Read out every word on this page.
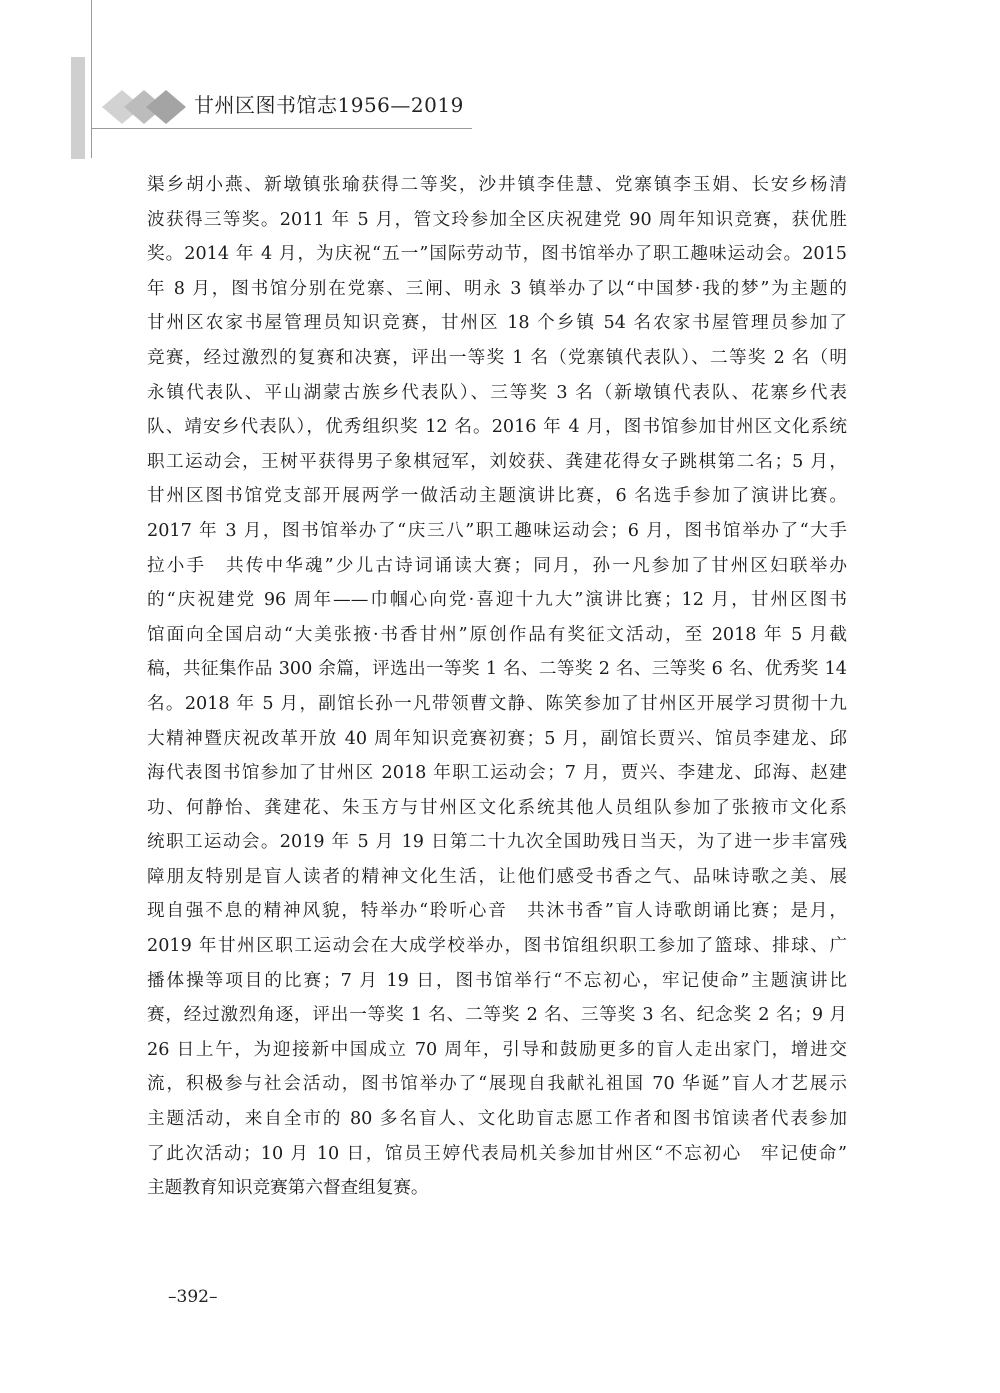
甘州区图书馆志1956—2019
渠乡胡小燕、新墩镇张瑜获得二等奖，沙井镇李佳慧、党寨镇李玉娟、长安乡杨清
波获得三等奖。2011 年 5 月，管文玲参加全区庆祝建党 90 周年知识竞赛，获优胜
奖。2014 年 4 月，为庆祝“五一”国际劳动节，图书馆举办了职工趣味运动会。2015
年 8 月，图书馆分别在党寨、三闸、明永 3 镇举办了以“中国梦·我的梦”为主题的
甘州区农家书屋管理员知识竞赛，甘州区 18 个乡镇 54 名农家书屋管理员参加了
竞赛，经过激烈的复赛和决赛，评出一等奖 1 名（党寨镇代表队）、二等奖 2 名（明
永镇代表队、平山湖蒙古族乡代表队）、三等奖 3 名（新墩镇代表队、花寨乡代表
队、靖安乡代表队），优秀组织奖 12 名。2016 年 4 月，图书馆参加甘州区文化系统
职工运动会，王树平获得男子象棋冠军，刘姣获、龚建花得女子跳棋第二名；5 月，
甘州区图书馆党支部开展两学一做活动主题演讲比赛，6 名选手参加了演讲比赛。
2017 年 3 月，图书馆举办了“庆三八”职工趣味运动会；6 月，图书馆举办了“大手
拉小手　共传中华魂”少儿古诗词诵读大赛；同月，孙一凡参加了甘州区妇联举办
的“庆祝建党 96 周年——巾帼心向党·喜迎十九大”演讲比赛；12 月，甘州区图书
馆面向全国启动“大美张掖·书香甘州”原创作品有奖征文活动，至 2018 年 5 月截
稿，共征集作品 300 余篇，评选出一等奖 1 名、二等奖 2 名、三等奖 6 名、优秀奖 14
名。2018 年 5 月，副馆长孙一凡带领曹文静、陈笑参加了甘州区开展学习贯彻十九
大精神暨庆祝改革开放 40 周年知识竞赛初赛；5 月，副馆长贾兴、馆员李建龙、邱
海代表图书馆参加了甘州区 2018 年职工运动会；7 月，贾兴、李建龙、邱海、赵建
功、何静怡、龚建花、朱玉方与甘州区文化系统其他人员组队参加了张掖市文化系
统职工运动会。2019 年 5 月 19 日第二十九次全国助残日当天，为了进一步丰富残
障朋友特别是盲人读者的精神文化生活，让他们感受书香之气、品味诗歌之美、展
现自强不息的精神风貌，特举办“聆听心音　共沐书香”盲人诗歌朗诵比赛；是月，
2019 年甘州区职工运动会在大成学校举办，图书馆组织职工参加了篮球、排球、广
播体操等项目的比赛；7 月 19 日，图书馆举行“不忘初心，牢记使命”主题演讲比
赛，经过激烈角逐，评出一等奖 1 名、二等奖 2 名、三等奖 3 名、纪念奖 2 名；9 月
26 日上午，为迎接新中国成立 70 周年，引导和鼓励更多的盲人走出家门，增进交
流，积极参与社会活动，图书馆举办了“展现自我献礼祖国 70 华诞”盲人才艺展示
主题活动，来自全市的 80 多名盲人、文化助盲志愿工作者和图书馆读者代表参加
了此次活动；10 月 10 日，馆员王婷代表局机关参加甘州区“不忘初心　牢记使命”
主题教育知识竞赛第六督查组复赛。
–392–
